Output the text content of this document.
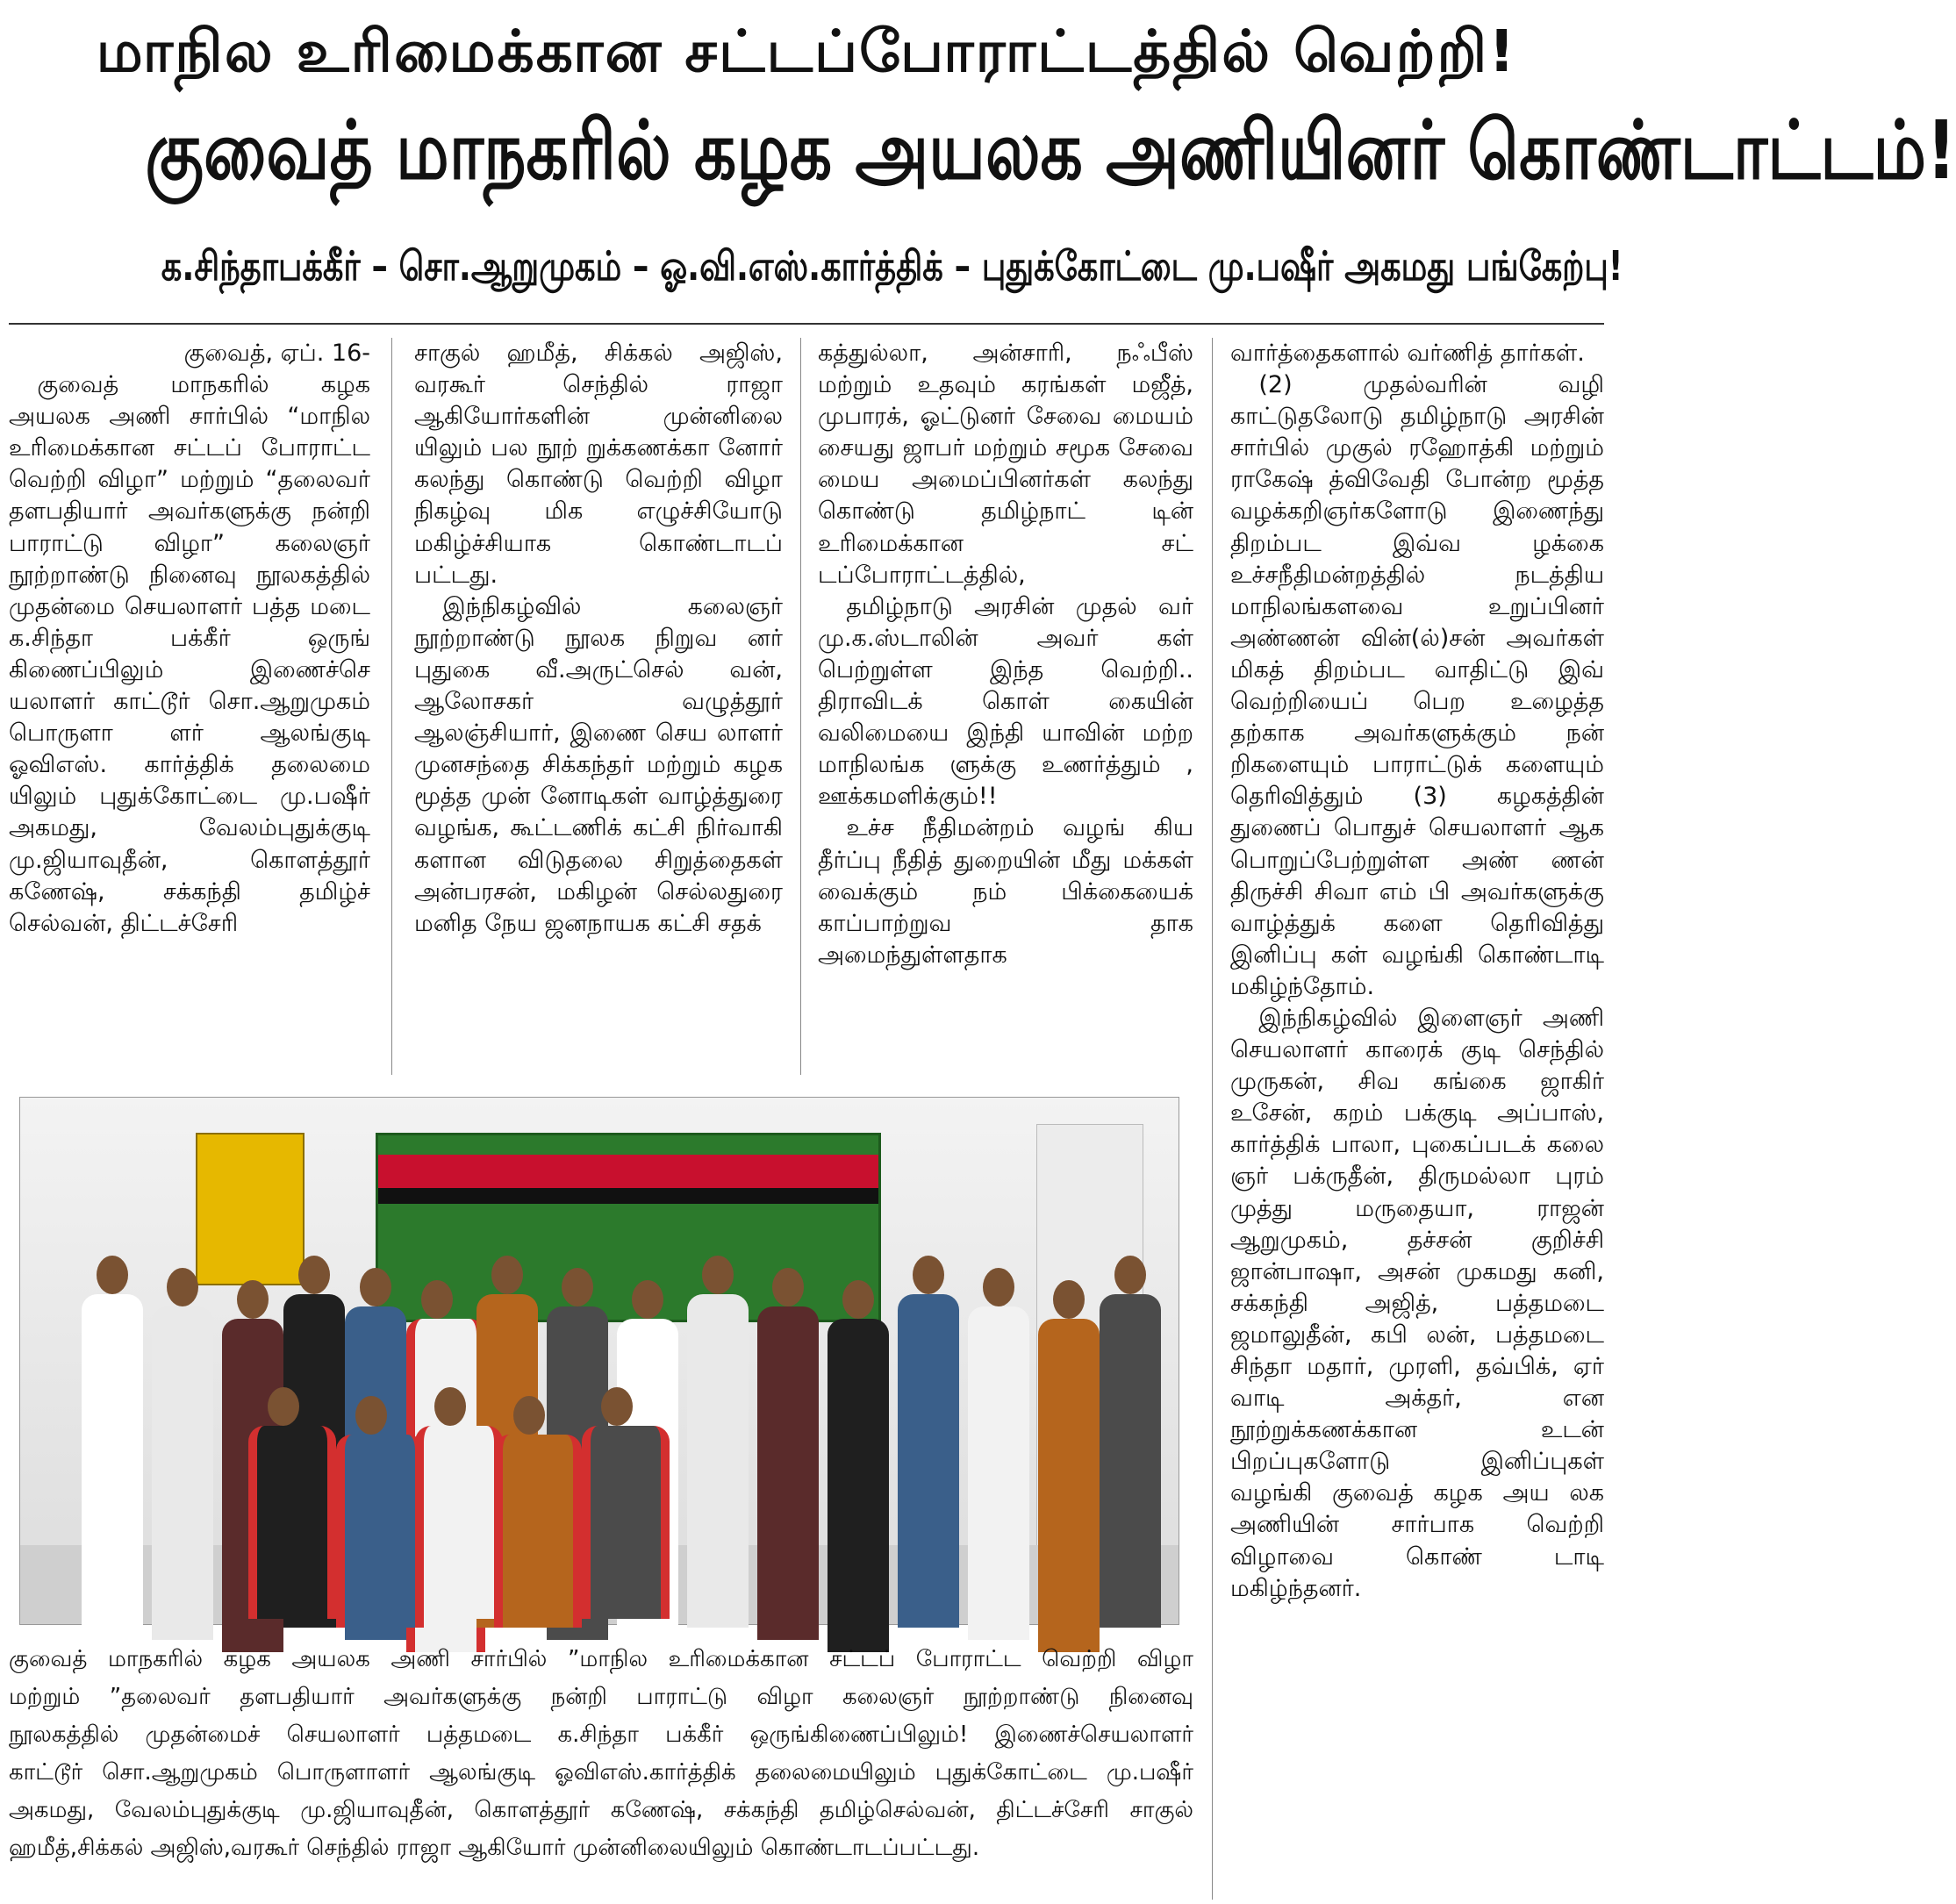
மாநில உரிமைக்கான சட்டப்போராட்டத்தில் வெற்றி!
குவைத் மாநகரில் கழக அயலக அணியினர் கொண்டாட்டம்!
க.சிந்தாபக்கீர் – சொ.ஆறுமுகம் – ஓ.வி.எஸ்.கார்த்திக் – புதுக்கோட்டை மு.பஷீர் அகமது பங்கேற்பு!

குவைத், ஏப். 16-

குவைத் மாநகரில் கழக அயலக அணி சார்பில் “மாநில உரிமைக்கான சட்டப் போராட்ட வெற்றி விழா” மற்றும் “தலைவர் தளபதியார் அவர்களுக்கு நன்றி பாராட்டு விழா” கலைஞர் நூற்றாண்டு நினைவு நூலகத்தில் முதன்மை செயலாளர் பத்த மடை க.சிந்தா பக்கீர் ஒருங் கிணைப்பிலும் இணைச்செ யலாளர் காட்டூர் சொ.ஆறுமுகம் பொருளா ளர் ஆலங்குடி ஓவிஎஸ். கார்த்திக் தலைமை யிலும் புதுக்கோட்டை மு.பஷீர் அகமது, வேலம்புதுக்குடி மு.ஜியாவுதீன், கொளத்தூர் கணேஷ், சக்கந்தி தமிழ்ச் செல்வன், திட்டச்சேரி

சாகுல் ஹமீத், சிக்கல் அஜிஸ், வரகூர் செந்தில் ராஜா ஆகியோர்களின் முன்னிலை யிலும் பல நூற் றுக்கணக்கா னோர் கலந்து கொண்டு வெற்றி விழா நிகழ்வு மிக எழுச்சியோடு மகிழ்ச்சியாக கொண்டாடப் பட்டது.

இந்நிகழ்வில் கலைஞர் நூற்றாண்டு நூலக நிறுவ னர் புதுகை வீ.அருட்செல் வன், ஆலோசகர் வழுத்தூர் ஆலஞ்சியார், இணை செய லாளர் முனசந்தை சிக்கந்தர் மற்றும் கழக மூத்த முன் னோடிகள் வாழ்த்துரை வழங்க, கூட்டணிக் கட்சி நிர்வாகி களான விடுதலை சிறுத்தைகள் அன்பரசன், மகிழன் செல்லதுரை மனித நேய ஜனநாயக கட்சி சதக்

கத்துல்லா, அன்சாரி, நஃபீஸ் மற்றும் உதவும் கரங்கள் மஜீத், முபாரக், ஓட்டுனர் சேவை மையம் சையது ஜாபர் மற்றும் சமூக சேவை மைய அமைப்பினர்கள் கலந்து கொண்டு தமிழ்நாட் டின் உரிமைக்கான சட் டப்போராட்டத்தில்,

தமிழ்நாடு அரசின் முதல் வர் மு.க.ஸ்டாலின் அவர் கள் பெற்றுள்ள இந்த வெற்றி.. திராவிடக் கொள் கையின் வலிமையை இந்தி யாவின் மற்ற மாநிலங்க ளுக்கு உணர்த்தும் , ஊக்கமளிக்கும்!!

உச்ச நீதிமன்றம் வழங் கிய தீர்ப்பு நீதித் துறையின் மீது மக்கள் வைக்கும் நம் பிக்கையைக் காப்பாற்றுவ தாக அமைந்துள்ளதாக

வார்த்தைகளால் வர்ணித் தார்கள்.

(2) முதல்வரின் வழி காட்டுதலோடு தமிழ்நாடு அரசின் சார்பில் முகுல் ரஹோத்கி மற்றும் ராகேஷ் த்விவேதி போன்ற மூத்த வழக்கறிஞர்களோடு இணைந்து திறம்பட இவ்வ ழக்கை உச்சநீதிமன்றத்தில் நடத்திய மாநிலங்களவை உறுப்பினர் அண்ணன் வின்(ல்)சன் அவர்கள் மிகத் திறம்பட வாதிட்டு இவ் வெற்றியைப் பெற உழைத்த தற்காக அவர்களுக்கும் நன் றிகளையும் பாராட்டுக் களையும் தெரிவித்தும் (3) கழகத்தின் துணைப் பொதுச் செயலாளர் ஆக பொறுப்பேற்றுள்ள அண் ணன் திருச்சி சிவா எம் பி அவர்களுக்கு வாழ்த்துக் களை தெரிவித்து இனிப்பு கள் வழங்கி கொண்டாடி மகிழ்ந்தோம்.

இந்நிகழ்வில் இளைஞர் அணி செயலாளர் காரைக் குடி செந்தில் முருகன், சிவ கங்கை ஜாகிர் உசேன், கறம் பக்குடி அப்பாஸ், கார்த்திக் பாலா, புகைப்படக் கலை ஞர் பக்ருதீன், திருமல்லா புரம் முத்து மருதையா, ராஜன் ஆறுமுகம், தச்சன் குறிச்சி ஜான்பாஷா, அசன் முகமது கனி, சக்கந்தி அஜித், பத்தமடை ஜமாலுதீன், கபி லன், பத்தமடை சிந்தா மதார், முரளி, தவ்பிக், ஏர் வாடி அக்தர், என நூற்றுக்கணக்கான உடன் பிறப்புகளோடு இனிப்புகள் வழங்கி குவைத் கழக அய லக அணியின் சார்பாக வெற்றி விழாவை கொண் டாடி மகிழ்ந்தனர்.

குவைத் மாநகரில் கழக அயலக அணி சார்பில் ”மாநில உரிமைக்கான சட்டப் போராட்ட வெற்றி விழா
மற்றும் ”தலைவர் தளபதியார் அவர்களுக்கு நன்றி பாராட்டு விழா கலைஞர் நூற்றாண்டு நினைவு
நூலகத்தில் முதன்மைச் செயலாளர் பத்தமடை க.சிந்தா பக்கீர் ஒருங்கிணைப்பிலும்! இணைச்செயலாளர்
காட்டூர் சொ.ஆறுமுகம் பொருளாளர் ஆலங்குடி ஓவிஎஸ்.கார்த்திக் தலைமையிலும் புதுக்கோட்டை மு.பஷீர்
அகமது, வேலம்புதுக்குடி மு.ஜியாவுதீன், கொளத்தூர் கணேஷ், சக்கந்தி தமிழ்செல்வன், திட்டச்சேரி சாகுல்
ஹமீத்,சிக்கல் அஜிஸ்,வரகூர் செந்தில் ராஜா ஆகியோர் முன்னிலையிலும் கொண்டாடப்பட்டது.
